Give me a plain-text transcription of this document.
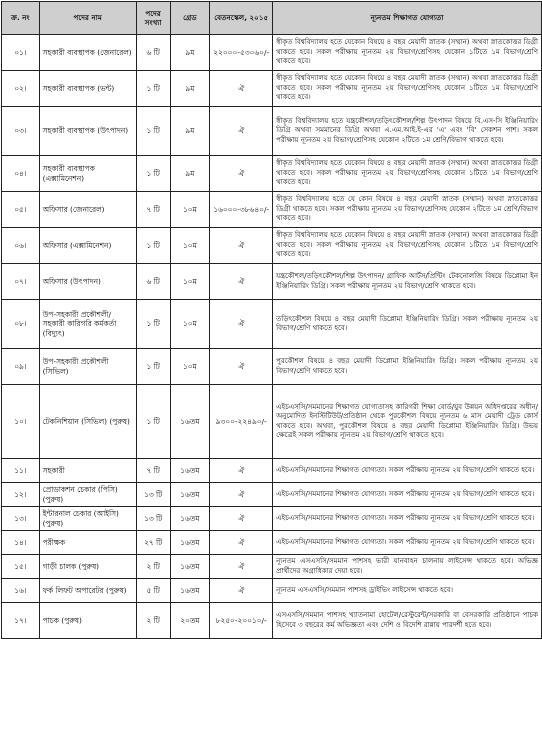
ক্র. নং	পদের নাম	পদের সংখ্যা	গ্রেড	বেতনস্কেল, ২০১৫	ন্যূনতম শিক্ষাগত যোগ্যতা
০১।	সহকারী ব্যবস্থাপক (জেনারেল)	৬ টি	৯ম	২২০০০-৫৩০৬০/-	স্বীকৃত বিশ্ববিদ্যালয় হতে যেকোন বিষয়ে ৪ বছর মেয়াদী স্নাতক (সম্মান) অথবা স্নাতকোত্তর ডিগ্রী থাকতে হবে। সকল পরীক্ষায় ন্যূনতম ২য় বিভাগ/শ্রেণিসহ যেকোন ১টিতে ১ম বিভাগ/শ্রেণি থাকতে হবে।
০২।	সহকারী ব্যবস্থাপক (ভন্ট)	১ টি	৯ম	ঐ	স্বীকৃত বিশ্ববিদ্যালয় হতে যেকোন বিষয়ে ৪ বছর মেয়াদী স্নাতক (সম্মান) অথবা স্নাতকোত্তর ডিগ্রী থাকতে হবে। সকল পরীক্ষায় ন্যূনতম ২য় বিভাগ/শ্রেণিসহ যেকোন ১টিতে ১ম বিভাগ/শ্রেণি থাকতে হবে।
০৩।	সহকারী ব্যবস্থাপক (উৎপাদন)	১ টি	৯ম	ঐ	স্বীকৃত বিশ্ববিদ্যালয় হতে যন্ত্রকৌশল/তড়িৎকৌশল/শিল্প উৎপাদন বিষয়ে বি.এস-সি ইঞ্জিনিয়ারিং ডিগ্রি অথবা সমমানের ডিগ্রি অথবা এ.এম.আই.ই-এর 'এ' এবং 'বি' সেকশন পাশ। সকল পরীক্ষায় ন্যূনতম ২য় বিভাগ/শ্রেণিসহ যেকোন ২টিতে ১ম শ্রেণি/বিভাগ থাকতে হবে।
০৪।	সহকারী ব্যবস্থাপক (এক্সামিনেশন)	১ টি	৯ম	ঐ	স্বীকৃত বিশ্ববিদ্যালয় হতে যেকোন বিষয়ে ৪ বছর মেয়াদী স্নাতক (সম্মান) অথবা স্নাতকোত্তর ডিগ্রী থাকতে হবে। সকল পরীক্ষায় ন্যূনতম ২য় বিভাগ/শ্রেণিসহ যেকোন ১টিতে ১ম বিভাগ/শ্রেণি থাকতে হবে।
০৫।	অফিসার (জেনারেল)	৭ টি	১০ম	১৬০০০-৩৮৬৪০/-	স্বীকৃত বিশ্ববিদ্যালয় হতে যে কোন বিষয়ে ৪ বছর মেয়াদী স্নাতক (সম্মান) অথবা স্নাতকোত্তর ডিগ্রী থাকতে হবে। সকল পরীক্ষায় ন্যূনতম ২য় বিভাগ/শ্রেণিসহ যেকোন ২টিতে ১ম শ্রেণি/বিভাগ থাকতে হবে।
০৬।	অফিসার (এক্সামিনেশন)	১ টি	১০ম	ঐ	স্বীকৃত বিশ্ববিদ্যালয় হতে যেকোন বিষয়ে ৪ বছর মেয়াদী স্নাতক (সম্মান) অথবা স্নাতকোত্তর ডিগ্রী থাকতে হবে। সকল পরীক্ষায় ন্যূনতম ২য় বিভাগ/শ্রেণিসহ যেকোন ১টিতে ১ম বিভাগ/শ্রেণি থাকতে হবে।
০৭।	অফিসার (উৎপাদন)	৬ টি	১০ম	ঐ	যন্ত্রকৌশল/তড়িৎকৌশল/শিল্প উৎপাদন/ গ্রাফিক আর্টস/প্রিন্টিং টেকনোলজি বিষয়ে ডিপ্লোমা ইন ইঞ্জিনিয়ারিং ডিগ্রি। সকল পরীক্ষায় ন্যূনতম ২য় বিভাগ/শ্রেণি থাকতে হবে।
০৮।	উপ-সহকারী প্রকৌশলী/সহকারী কারিগরি কর্মকর্তা (বিদ্যুৎ)	১ টি	১০ম	ঐ	তড়িৎকৌশল বিষয়ে ৪ বছর মেয়াদী ডিপ্লোমা ইঞ্জিনিয়ারিং ডিগ্রি। সকল পরীক্ষায় ন্যূনতম ২য় বিভাগ/শ্রেণি থাকতে হবে।
০৯।	উপ-সহকারী প্রকৌশলী (সিভিল)	১ টি	১০ম	ঐ	পুরকৌশল বিষয়ে ৪ বছর মেয়াদী ডিপ্লোমা ইঞ্জিনিয়ারিং ডিগ্রি। সকল পরীক্ষায় ন্যূনতম ২য় বিভাগ/শ্রেণি থাকতে হবে।
১০।	টেকনিশিয়ান (সিভিল) (পুরুষ)	১ টি	১৬তম	৯৩০০-২২৪৯০/-	এইচএসসি/সমমানের শিক্ষাগত যোগ্যতাসহ কারিগরী শিক্ষা বোর্ড/যুব উন্নয়ন অধিদপ্তরের অধীন/ অনুমোদিত ইনস্টিটিউট/প্রতিষ্ঠান থেকে পুরকৌশল বিষয়ে ন্যূনতম ৬ মাস মেয়াদী ট্রেড কোর্স থাকতে হবে। অথবা, পুরকৌশল বিষয়ে ৪ বছর মেয়াদী ডিপ্লোমা ইঞ্জিনিয়ারিং ডিগ্রি। উভয় ক্ষেত্রেই সকল পরীক্ষায় ন্যূনতম ২য় বিভাগ/শ্রেণি থাকতে হবে।
১১।	সহকারী	৭ টি	১৬তম	ঐ	এইচএসসি/সমমানের শিক্ষাগত যোগ্যতা। সকল পরীক্ষায় ন্যূনতম ২য় বিভাগ/শ্রেণি থাকতে হবে।
১২।	প্রোডাকশন চেকার (পিসি) (পুরুষ)	১৩ টি	১৬তম	ঐ	এইচএসসি/সমমানের শিক্ষাগত যোগ্যতা। সকল পরীক্ষায় ন্যূনতম ২য় বিভাগ/শ্রেণি থাকতে হবে।
১৩।	ইন্টারনাল চেকার (আইসি) (পুরুষ)	১৩ টি	১৬তম	ঐ	এইচএসসি/সমমানের শিক্ষাগত যোগ্যতা। সকল পরীক্ষায় ন্যূনতম ২য় বিভাগ/শ্রেণি থাকতে হবে।
১৪।	পরীক্ষক	২৭ টি	১৬তম	ঐ	এইচএসসি/সমমানের শিক্ষাগত যোগ্যতা। সকল পরীক্ষায় ন্যূনতম ২য় বিভাগ/শ্রেণি থাকতে হবে।
১৫।	গাড়ী চালক (পুরুষ)	২ টি	১৬তম	ঐ	ন্যূনতম এসএসসি/সমমান পাশসহ ভারী যানবাহন চালনায় লাইসেন্স থাকতে হবে। অভিজ্ঞ প্রার্থীদের অগ্রাধিকার দেয়া হবে।
১৬।	ফর্ক লিফট অপারেটর (পুরুষ)	৫ টি	১৬তম	ঐ	ন্যূনতম এসএসসি/সমমান পাশসহ ড্রাইভিং লাইসেন্স থাকতে হবে।
১৭।	পাচক (পুরুষ)	২ টি	২০তম	৮২৫০-২০০১০/-	এসএসসি/সমমান পাশসহ খ্যাতনামা হোটেল/রেস্টুরেন্ট/সরকারি বা বেসরকারি প্রতিষ্ঠানে পাচক হিসেবে ৩ বছরের কর্ম অভিজ্ঞতা এবং দেশি ও বিদেশি রান্নায় পারদর্শী হতে হবে।
